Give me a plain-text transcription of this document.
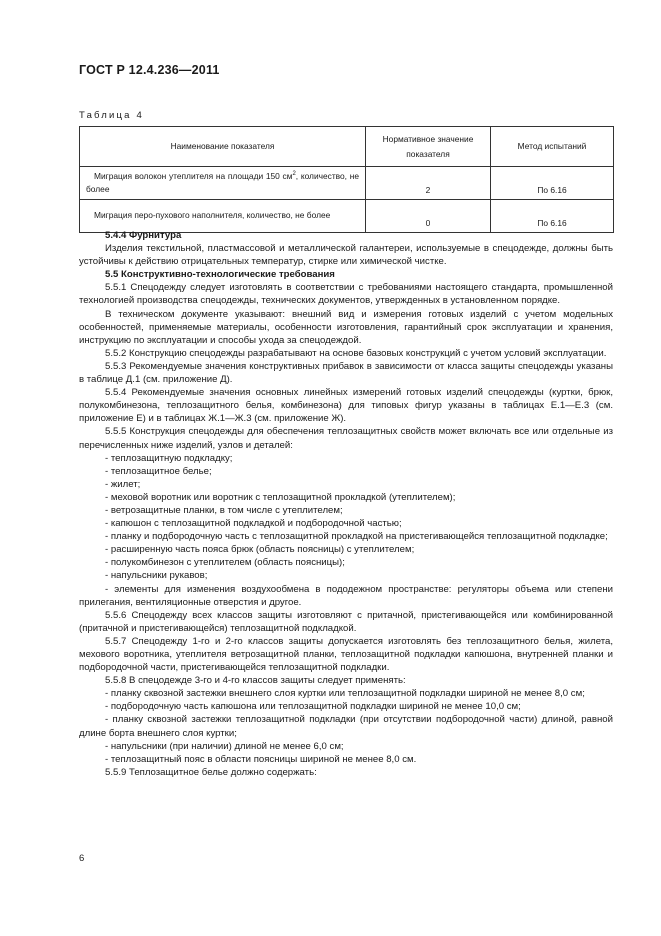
ГОСТ Р 12.4.236—2011
Таблица 4
Наименование показателя	Нормативное значение показателя	Метод испытаний
Миграция волокон утеплителя на площади 150 $см^2$, количество, не более	2	По 6.16
Миграция перо-пухового наполнителя, количество, не более	0	По 6.16

5.4.4 Фурнитура

Изделия текстильной, пластмассовой и металлической галантереи, используемые в спецодежде, должны быть устойчивы к действию отрицательных температур, стирке или химической чистке.

5.5 Конструктивно-технологические требования

5.5.1 Спецодежду следует изготовлять в соответствии с требованиями настоящего стандарта, промышленной технологией производства спецодежды, технических документов, утвержденных в установленном порядке.

В техническом документе указывают: внешний вид и измерения готовых изделий с учетом модельных особенностей, применяемые материалы, особенности изготовления, гарантийный срок эксплуатации и хранения, инструкцию по эксплуатации и способы ухода за спецодеждой.

5.5.2 Конструкцию спецодежды разрабатывают на основе базовых конструкций с учетом условий эксплуатации.

5.5.3 Рекомендуемые значения конструктивных прибавок в зависимости от класса защиты спецодежды указаны в таблице Д.1 (см. приложение Д).

5.5.4 Рекомендуемые значения основных линейных измерений готовых изделий спецодежды (куртки, брюк, полукомбинезона, теплозащитного белья, комбинезона) для типовых фигур указаны в таблицах Е.1—Е.3 (см. приложение Е) и в таблицах Ж.1—Ж.3 (см. приложение Ж).

5.5.5 Конструкция спецодежды для обеспечения теплозащитных свойств может включать все или отдельные из перечисленных ниже изделий, узлов и деталей:

- теплозащитную подкладку;

- теплозащитное белье;

- жилет;

- меховой воротник или воротник с теплозащитной прокладкой (утеплителем);

- ветрозащитные планки, в том числе с утеплителем;

- капюшон с теплозащитной подкладкой и подбородочной частью;

- планку и подбородочную часть с теплозащитной прокладкой на пристегивающейся теплозащитной подкладке;

- расширенную часть пояса брюк (область поясницы) с утеплителем;

- полукомбинезон с утеплителем (область поясницы);

- напульсники рукавов;

- элементы для изменения воздухообмена в пододежном пространстве: регуляторы объема или степени прилегания, вентиляционные отверстия и другое.

5.5.6 Спецодежду всех классов защиты изготовляют с притачной, пристегивающейся или комбинированной (притачной и пристегивающейся) теплозащитной подкладкой.

5.5.7 Спецодежду 1-го и 2-го классов защиты допускается изготовлять без теплозащитного белья, жилета, мехового воротника, утеплителя ветрозащитной планки, теплозащитной подкладки капюшона, внутренней планки и подбородочной части, пристегивающейся теплозащитной подкладки.

5.5.8 В спецодежде 3-го и 4-го классов защиты следует применять:

- планку сквозной застежки внешнего слоя куртки или теплозащитной подкладки шириной не менее 8,0 см;

- подбородочную часть капюшона или теплозащитной подкладки шириной не менее 10,0 см;

- планку сквозной застежки теплозащитной подкладки (при отсутствии подбородочной части) длиной, равной длине борта внешнего слоя куртки;

- напульсники (при наличии) длиной не менее 6,0 см;

- теплозащитный пояс в области поясницы шириной не менее 8,0 см.

5.5.9 Теплозащитное белье должно содержать:

6
